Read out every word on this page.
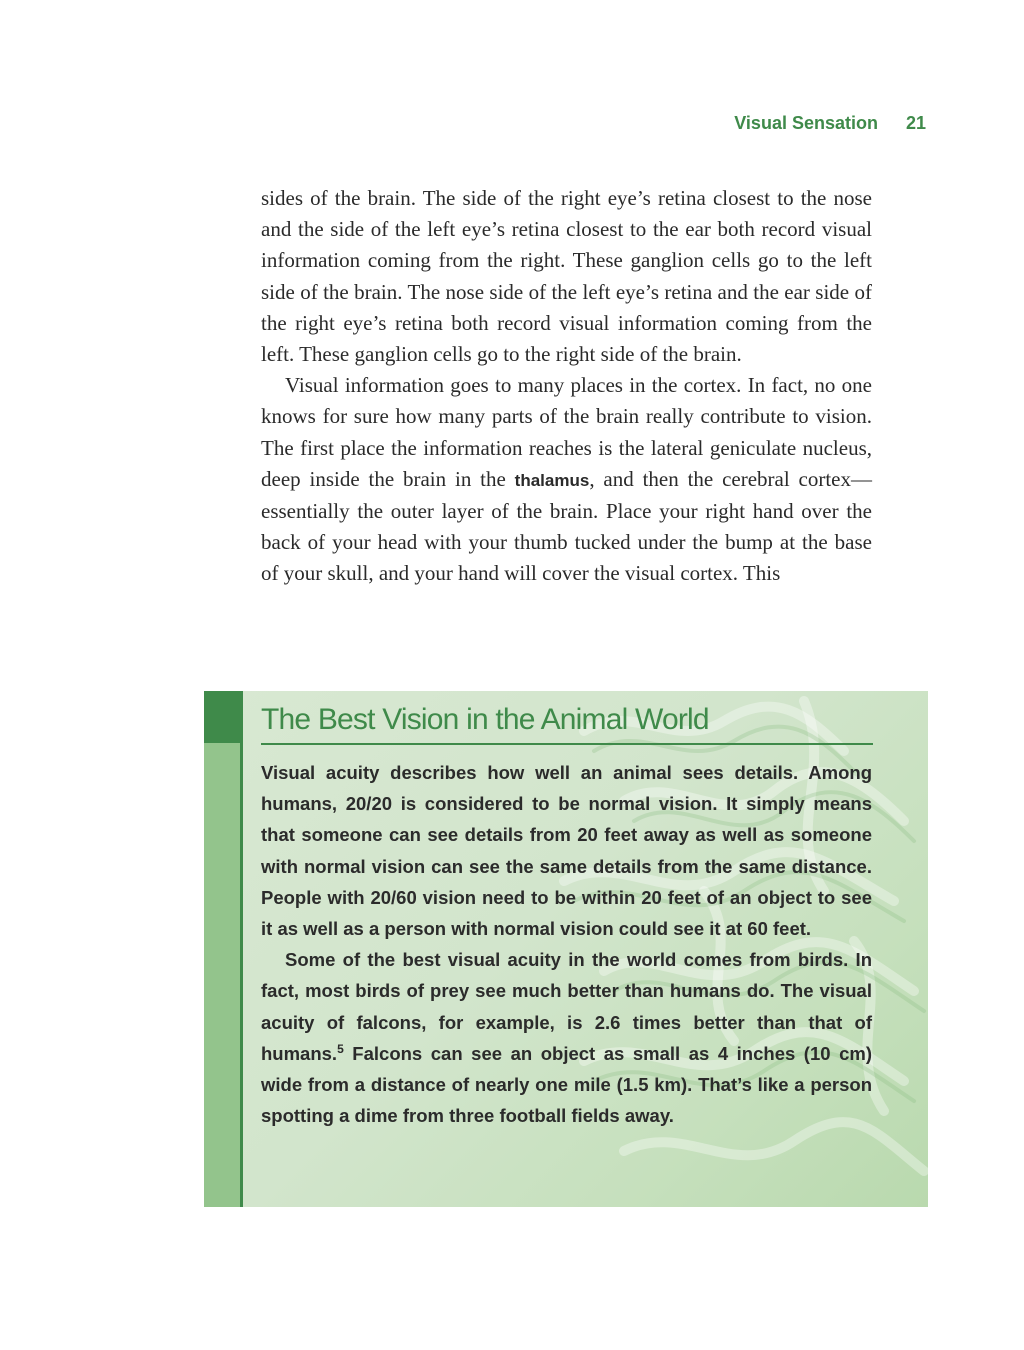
Visual Sensation 21

sides of the brain. The side of the right eye’s retina closest to the nose and the side of the left eye’s retina closest to the ear both record visual information coming from the right. These ganglion cells go to the left side of the brain. The nose side of the left eye’s retina and the ear side of the right eye’s retina both record visual information coming from the left. These ganglion cells go to the right side of the brain.

Visual information goes to many places in the cortex. In fact, no one knows for sure how many parts of the brain really contribute to vision. The first place the information reaches is the lateral geniculate nucleus, deep inside the brain in the thalamus, and then the cerebral cortex—essentially the outer layer of the brain. Place your right hand over the back of your head with your thumb tucked under the bump at the base of your skull, and your hand will cover the visual cortex. This

The Best Vision in the Animal World

Visual acuity describes how well an animal sees details. Among humans, 20/20 is considered to be normal vision. It simply means that someone can see details from 20 feet away as well as someone with normal vision can see the same details from the same distance. People with 20/60 vision need to be within 20 feet of an object to see it as well as a person with normal vision could see it at 60 feet.

Some of the best visual acuity in the world comes from birds. In fact, most birds of prey see much better than humans do. The visual acuity of falcons, for example, is 2.6 times better than that of humans.$^5$ Falcons can see an object as small as 4 inches (10 cm) wide from a distance of nearly one mile (1.5 km). That’s like a person spotting a dime from three football fields away.
